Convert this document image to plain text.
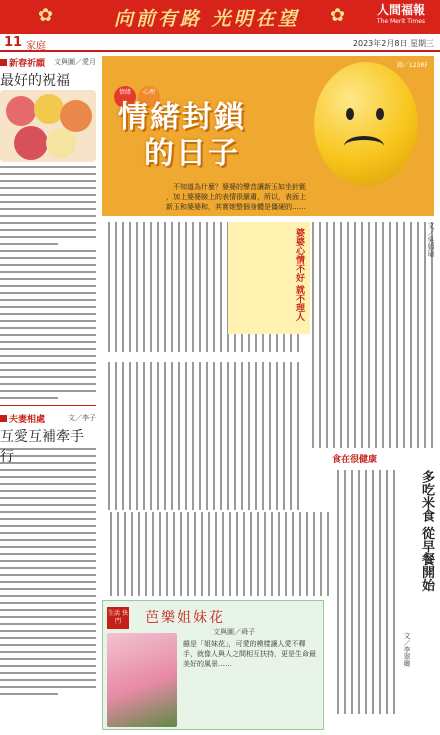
✿	向前有路 光明在望 ✿	人間福報
The Merit Times
11 家庭	2023年2月8日 星期三
新春祈願	文與圖／愛月
最好的祝福
夫妻相處	文／李子
互愛互補牽手行
情緒	心理
情緒封鎖
的日子
圖／123RF
不知道為什麼？婆婆的聲音讓新玉如坐針氈
，加上婆婆臉上的表情很嚴肅，所以，表面上
新玉和婆婆和，其實她整個身體是僵硬的……
婆婆心情不好 就不理人	文／吳娟瑜
食在很健康
多吃米食 從早餐開始
文／李翠卿
生活 快門	芭樂姐妹花
文與圖／舜子
雖是「姐妹花」，可愛的模樣讓人愛不釋手，就像人與人之間相互扶持，更是生命最美好的風景……
